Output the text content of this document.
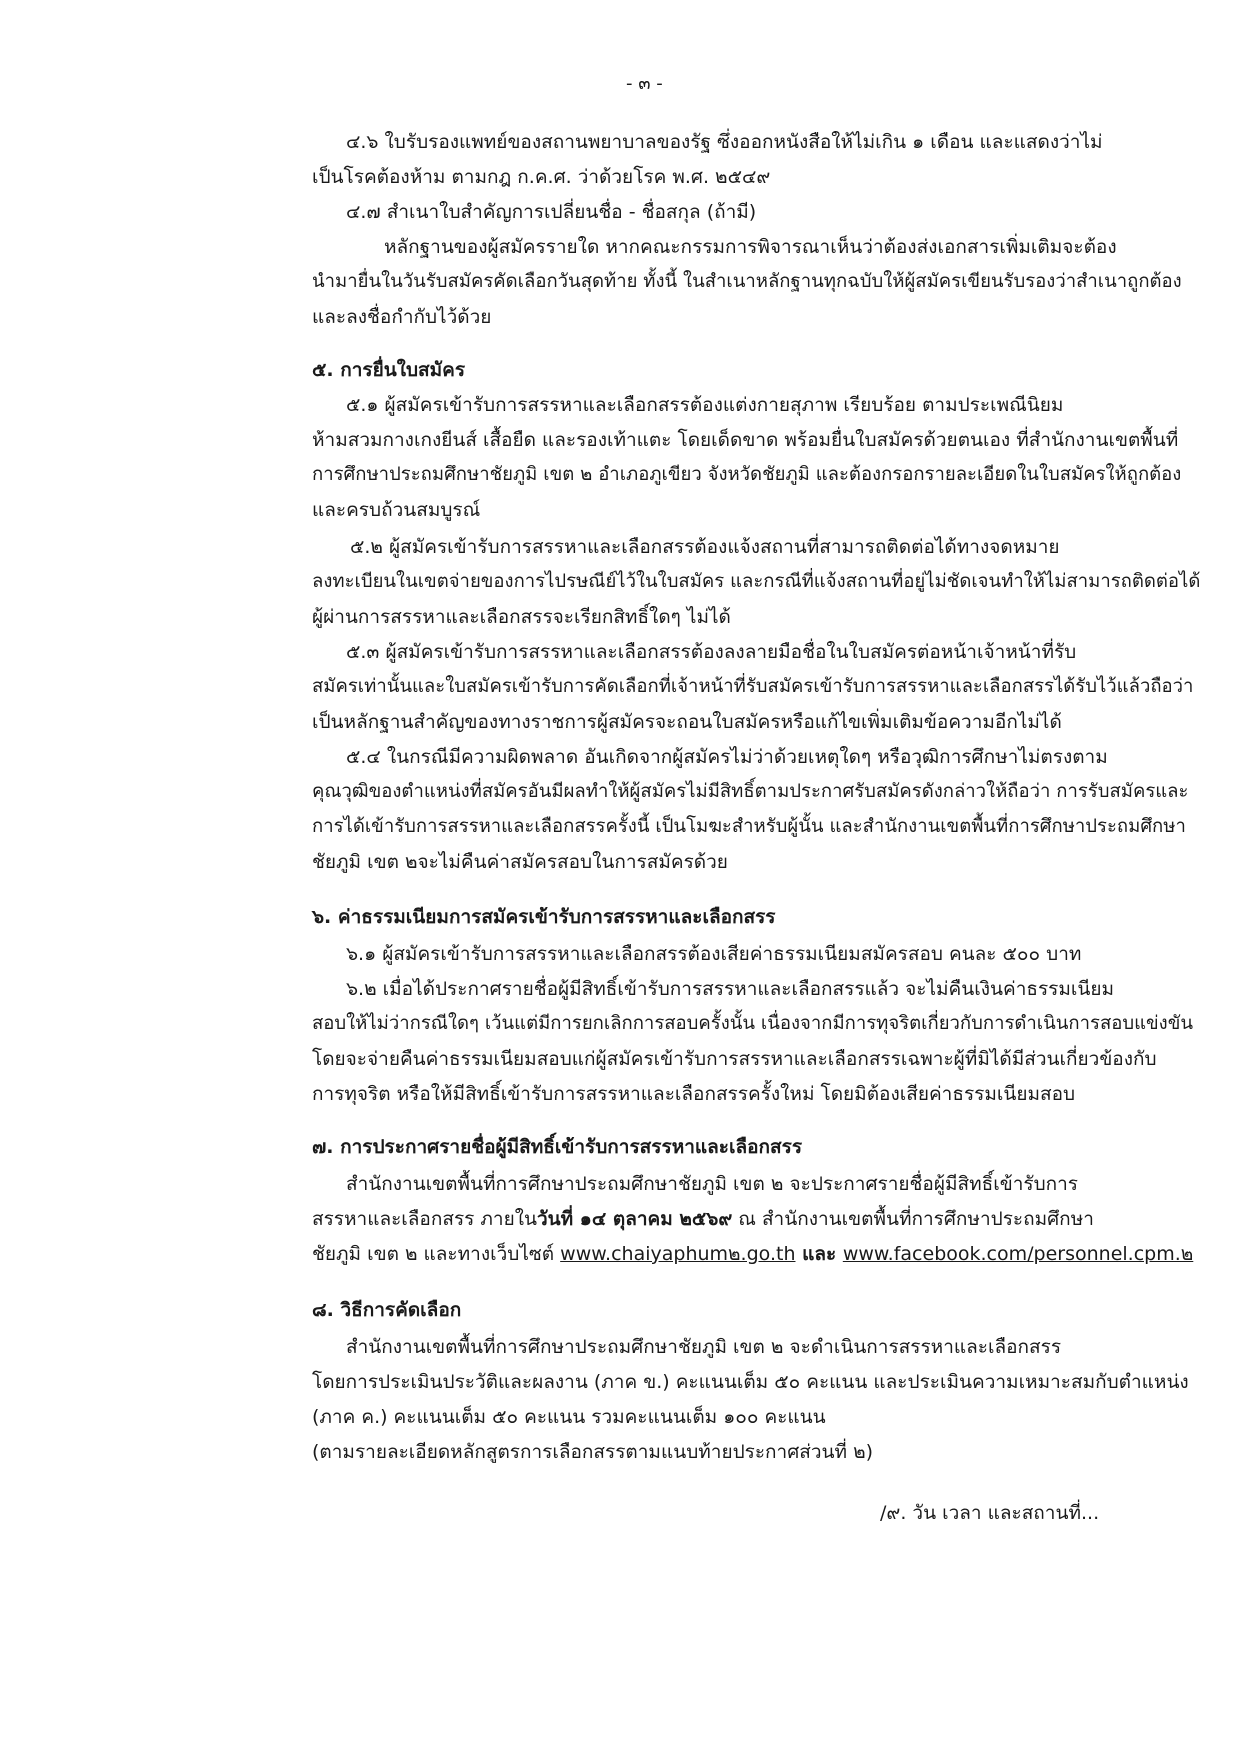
- ๓ -
๔.๖ ใบรับรองแพทย์ของสถานพยาบาลของรัฐ ซึ่งออกหนังสือให้ไม่เกิน ๑ เดือน และแสดงว่าไม่
เป็นโรคต้องห้าม ตามกฎ ก.ค.ศ. ว่าด้วยโรค พ.ศ. ๒๕๔๙
๔.๗ สำเนาใบสำคัญการเปลี่ยนชื่อ - ชื่อสกุล (ถ้ามี)
หลักฐานของผู้สมัครรายใด หากคณะกรรมการพิจารณาเห็นว่าต้องส่งเอกสารเพิ่มเติมจะต้อง
นำมายื่นในวันรับสมัครคัดเลือกวันสุดท้าย ทั้งนี้ ในสำเนาหลักฐานทุกฉบับให้ผู้สมัครเขียนรับรองว่าสำเนาถูกต้อง
และลงชื่อกำกับไว้ด้วย
๕. การยื่นใบสมัคร
๕.๑ ผู้สมัครเข้ารับการสรรหาและเลือกสรรต้องแต่งกายสุภาพ เรียบร้อย ตามประเพณีนิยม
ห้ามสวมกางเกงยีนส์ เสื้อยืด และรองเท้าแตะ โดยเด็ดขาด พร้อมยื่นใบสมัครด้วยตนเอง ที่สำนักงานเขตพื้นที่
การศึกษาประถมศึกษาชัยภูมิ เขต ๒ อำเภอภูเขียว จังหวัดชัยภูมิ และต้องกรอกรายละเอียดในใบสมัครให้ถูกต้อง
และครบถ้วนสมบูรณ์
๕.๒ ผู้สมัครเข้ารับการสรรหาและเลือกสรรต้องแจ้งสถานที่สามารถติดต่อได้ทางจดหมาย
ลงทะเบียนในเขตจ่ายของการไปรษณีย์ไว้ในใบสมัคร และกรณีที่แจ้งสถานที่อยู่ไม่ชัดเจนทำให้ไม่สามารถติดต่อได้
ผู้ผ่านการสรรหาและเลือกสรรจะเรียกสิทธิ์ใดๆ ไม่ได้
๕.๓ ผู้สมัครเข้ารับการสรรหาและเลือกสรรต้องลงลายมือชื่อในใบสมัครต่อหน้าเจ้าหน้าที่รับ
สมัครเท่านั้นและใบสมัครเข้ารับการคัดเลือกที่เจ้าหน้าที่รับสมัครเข้ารับการสรรหาและเลือกสรรได้รับไว้แล้วถือว่า
เป็นหลักฐานสำคัญของทางราชการผู้สมัครจะถอนใบสมัครหรือแก้ไขเพิ่มเติมข้อความอีกไม่ได้
๕.๔ ในกรณีมีความผิดพลาด อันเกิดจากผู้สมัครไม่ว่าด้วยเหตุใดๆ หรือวุฒิการศึกษาไม่ตรงตาม
คุณวุฒิของตำแหน่งที่สมัครอันมีผลทำให้ผู้สมัครไม่มีสิทธิ์ตามประกาศรับสมัครดังกล่าวให้ถือว่า การรับสมัครและ
การได้เข้ารับการสรรหาและเลือกสรรครั้งนี้ เป็นโมฆะสำหรับผู้นั้น และสำนักงานเขตพื้นที่การศึกษาประถมศึกษา
ชัยภูมิ เขต ๒จะไม่คืนค่าสมัครสอบในการสมัครด้วย
๖. ค่าธรรมเนียมการสมัครเข้ารับการสรรหาและเลือกสรร
๖.๑ ผู้สมัครเข้ารับการสรรหาและเลือกสรรต้องเสียค่าธรรมเนียมสมัครสอบ คนละ ๕๐๐ บาท
๖.๒ เมื่อได้ประกาศรายชื่อผู้มีสิทธิ์เข้ารับการสรรหาและเลือกสรรแล้ว จะไม่คืนเงินค่าธรรมเนียม
สอบให้ไม่ว่ากรณีใดๆ เว้นแต่มีการยกเลิกการสอบครั้งนั้น เนื่องจากมีการทุจริตเกี่ยวกับการดำเนินการสอบแข่งขัน
โดยจะจ่ายคืนค่าธรรมเนียมสอบแก่ผู้สมัครเข้ารับการสรรหาและเลือกสรรเฉพาะผู้ที่มิได้มีส่วนเกี่ยวข้องกับ
การทุจริต หรือให้มีสิทธิ์เข้ารับการสรรหาและเลือกสรรครั้งใหม่ โดยมิต้องเสียค่าธรรมเนียมสอบ
๗. การประกาศรายชื่อผู้มีสิทธิ์เข้ารับการสรรหาและเลือกสรร
สำนักงานเขตพื้นที่การศึกษาประถมศึกษาชัยภูมิ เขต ๒ จะประกาศรายชื่อผู้มีสิทธิ์เข้ารับการ
สรรหาและเลือกสรร ภายในวันที่ ๑๔ ตุลาคม ๒๕๖๙ ณ สำนักงานเขตพื้นที่การศึกษาประถมศึกษา
ชัยภูมิ เขต ๒ และทางเว็บไซต์ www.chaiyaphum๒.go.th และ www.facebook.com/personnel.cpm.๒
๘. วิธีการคัดเลือก
สำนักงานเขตพื้นที่การศึกษาประถมศึกษาชัยภูมิ เขต ๒ จะดำเนินการสรรหาและเลือกสรร
โดยการประเมินประวัติและผลงาน (ภาค ข.) คะแนนเต็ม ๕๐ คะแนน และประเมินความเหมาะสมกับตำแหน่ง
(ภาค ค.) คะแนนเต็ม ๕๐ คะแนน รวมคะแนนเต็ม ๑๐๐ คะแนน
(ตามรายละเอียดหลักสูตรการเลือกสรรตามแนบท้ายประกาศส่วนที่ ๒)
/๙. วัน เวลา และสถานที่...
